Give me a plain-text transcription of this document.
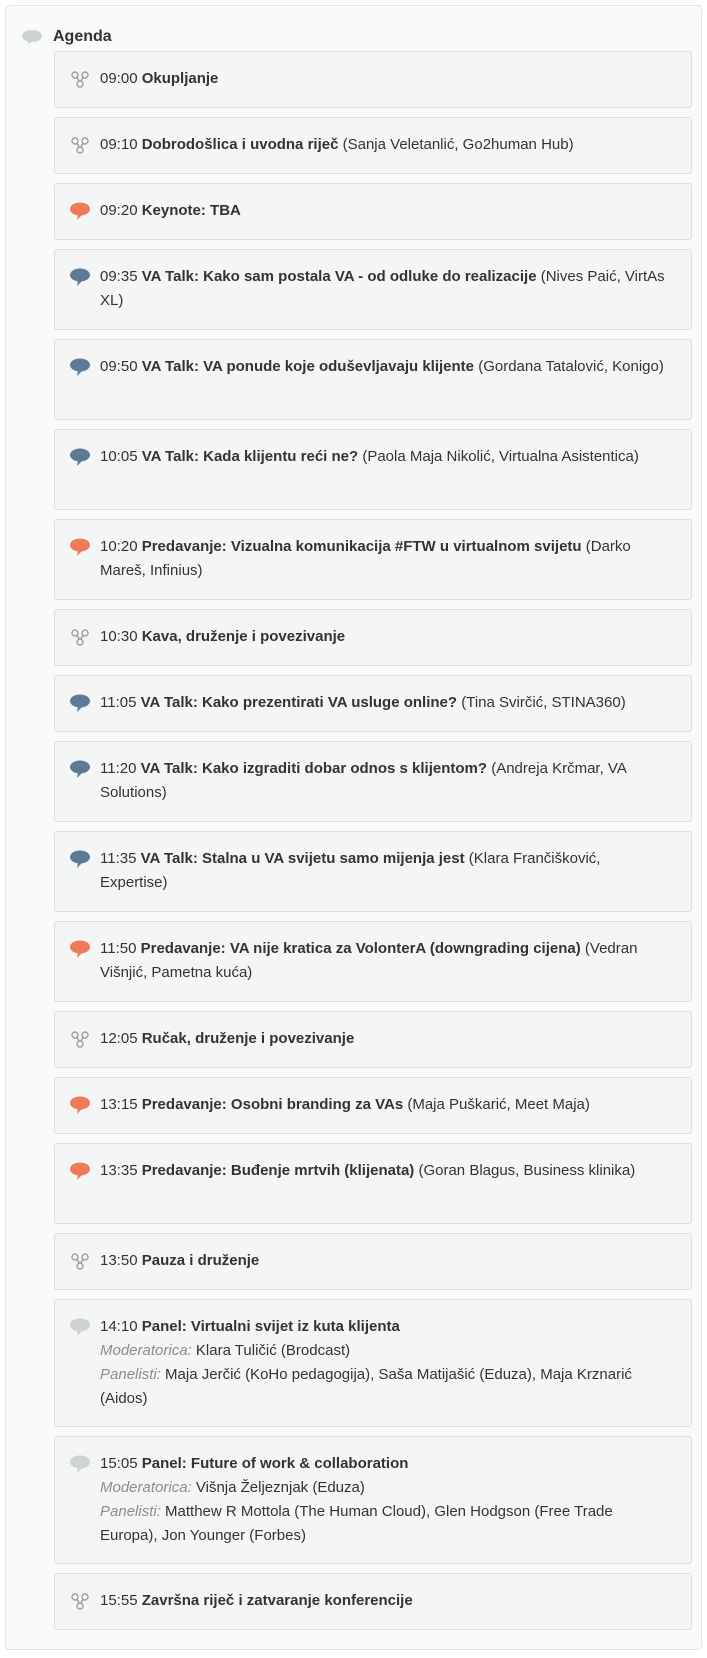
Agenda
09:00 Okupljanje
09:10 Dobrodošlica i uvodna riječ (Sanja Veletanlić, Go2human Hub)
09:20 Keynote: TBA
09:35 VA Talk: Kako sam postala VA - od odluke do realizacije (Nives Paić, VirtAs XL)
09:50 VA Talk: VA ponude koje oduševljavaju klijente (Gordana Tatalović, Konigo)
10:05 VA Talk: Kada klijentu reći ne? (Paola Maja Nikolić, Virtualna Asistentica)
10:20 Predavanje: Vizualna komunikacija #FTW u virtualnom svijetu (Darko Mareš, Infinius)
10:30 Kava, druženje i povezivanje
11:05 VA Talk: Kako prezentirati VA usluge online? (Tina Svirčić, STINA360)
11:20 VA Talk: Kako izgraditi dobar odnos s klijentom? (Andreja Krčmar, VA Solutions)
11:35 VA Talk: Stalna u VA svijetu samo mijenja jest (Klara Frančišković, Expertise)
11:50 Predavanje: VA nije kratica za VolonterA (downgrading cijena) (Vedran Višnjić, Pametna kuća)
12:05 Ručak, druženje i povezivanje
13:15 Predavanje: Osobni branding za VAs (Maja Puškarić, Meet Maja)
13:35 Predavanje: Buđenje mrtvih (klijenata) (Goran Blagus, Business klinika)
13:50 Pauza i druženje
14:10 Panel: Virtualni svijet iz kuta klijenta
Moderatorica: Klara Tuličić (Brodcast)
Panelisti: Maja Jerčić (KoHo pedagogija), Saša Matijašić (Eduza), Maja Krznarić (Aidos)
15:05 Panel: Future of work & collaboration
Moderatorica: Višnja Željeznjak (Eduza)
Panelisti: Matthew R Mottola (The Human Cloud), Glen Hodgson (Free Trade Europa), Jon Younger (Forbes)
15:55 Završna riječ i zatvaranje konferencije
